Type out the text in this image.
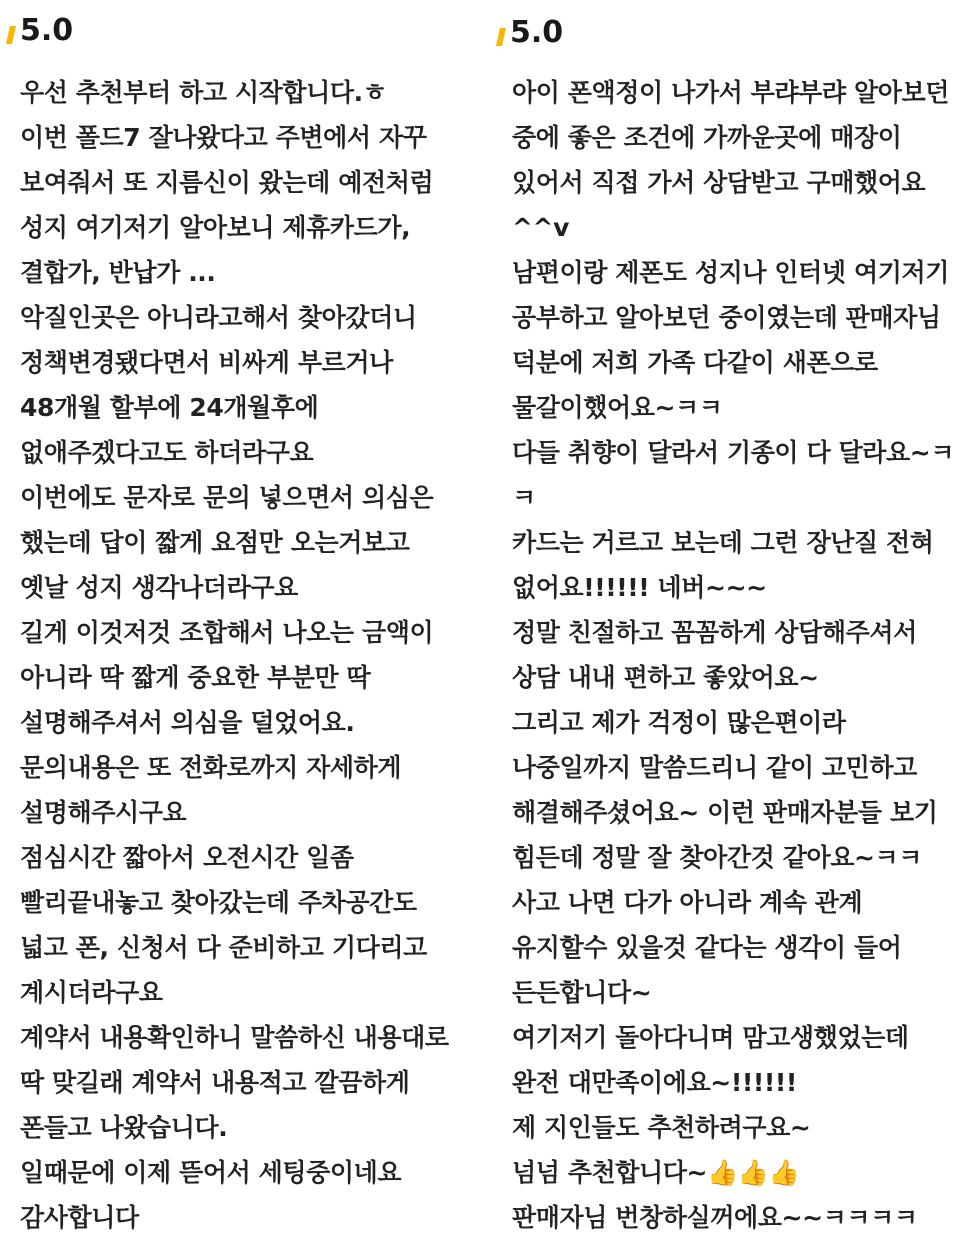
5.0
우선 추천부터 하고 시작합니다.ㅎ
이번 폴드7 잘나왔다고 주변에서 자꾸
보여줘서 또 지름신이 왔는데 예전처럼
성지 여기저기 알아보니 제휴카드가,
결합가, 반납가 ...
악질인곳은 아니라고해서 찾아갔더니
정책변경됐다면서 비싸게 부르거나
48개월 할부에 24개월후에
없애주겠다고도 하더라구요
이번에도 문자로 문의 넣으면서 의심은
했는데 답이 짧게 요점만 오는거보고
옛날 성지 생각나더라구요
길게 이것저것 조합해서 나오는 금액이
아니라 딱 짧게 중요한 부분만 딱
설명해주셔서 의심을 덜었어요.
문의내용은 또 전화로까지 자세하게
설명해주시구요
점심시간 짧아서 오전시간 일좀
빨리끝내놓고 찾아갔는데 주차공간도
넓고 폰, 신청서 다 준비하고 기다리고
계시더라구요
계약서 내용확인하니 말씀하신 내용대로
딱 맞길래 계약서 내용적고 깔끔하게
폰들고 나왔습니다.
일때문에 이제 뜯어서 세팅중이네요
감사합니다
5.0
아이 폰액정이 나가서 부랴부랴 알아보던
중에 좋은 조건에 가까운곳에 매장이
있어서 직접 가서 상담받고 구매했어요
^^v
남편이랑 제폰도 성지나 인터넷 여기저기
공부하고 알아보던 중이였는데 판매자님
덕분에 저희 가족 다같이 새폰으로
물갈이했어요~ㅋㅋ
다들 취향이 달라서 기종이 다 달라요~ㅋ
ㅋ
카드는 거르고 보는데 그런 장난질 전혀
없어요!!!!!! 네버~~~
정말 친절하고 꼼꼼하게 상담해주셔서
상담 내내 편하고 좋았어요~
그리고 제가 걱정이 많은편이라
나중일까지 말씀드리니 같이 고민하고
해결해주셨어요~ 이런 판매자분들 보기
힘든데 정말 잘 찾아간것 같아요~ㅋㅋ
사고 나면 다가 아니라 계속 관계
유지할수 있을것 같다는 생각이 들어
든든합니다~
여기저기 돌아다니며 맘고생했었는데
완전 대만족이에요~!!!!!!
제 지인들도 추천하려구요~
넘넘 추천합니다~👍👍👍
판매자님 번창하실꺼에요~~ㅋㅋㅋㅋ
